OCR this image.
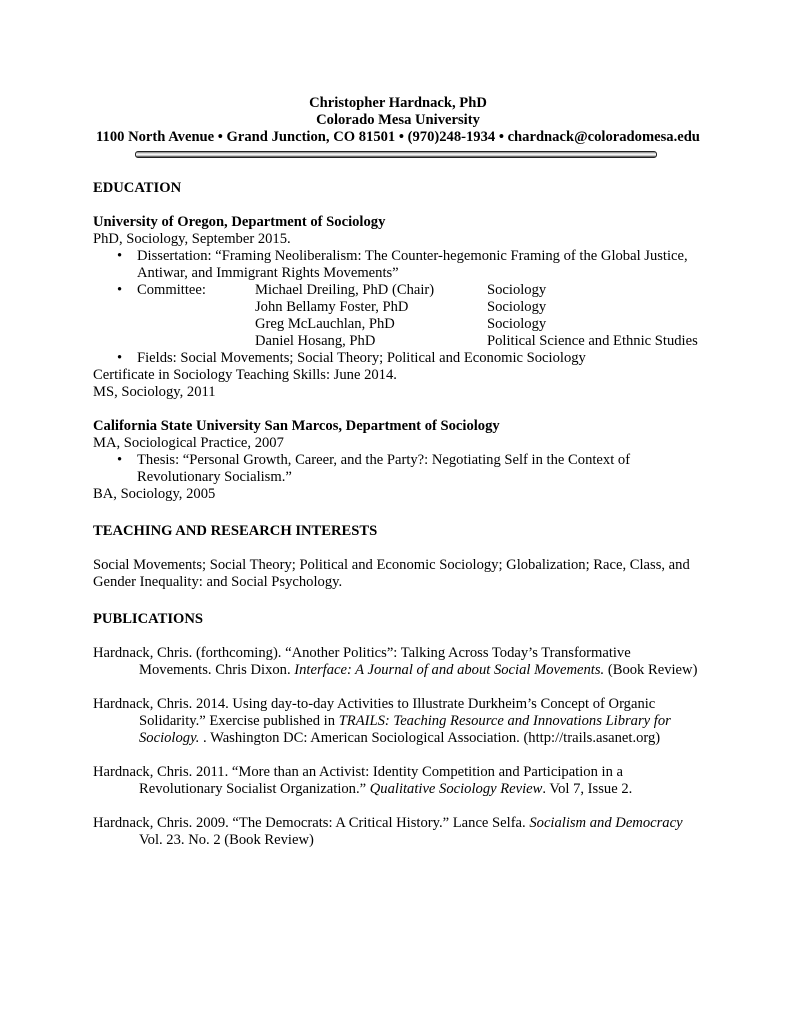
Christopher Hardnack, PhD
Colorado Mesa University
1100 North Avenue • Grand Junction, CO 81501 • (970)248-1934 • chardnack@coloradomesa.edu
EDUCATION

University of Oregon, Department of Sociology

PhD, Sociology, September 2015.

• Dissertation: “Framing Neoliberalism: The Counter-hegemonic Framing of the Global Justice, Antiwar, and Immigrant Rights Movements”
• Committee:	Michael Dreiling, PhD (Chair)	Sociology
John Bellamy Foster, PhD	Sociology
Greg McLauchlan, PhD	Sociology
Daniel Hosang, PhD	Political Science and Ethnic Studies
• Fields: Social Movements; Social Theory; Political and Economic Sociology

Certificate in Sociology Teaching Skills: June 2014.

MS, Sociology, 2011

California State University San Marcos, Department of Sociology

MA, Sociological Practice, 2007

• Thesis: “Personal Growth, Career, and the Party?: Negotiating Self in the Context of Revolutionary Socialism.”

BA, Sociology, 2005

TEACHING AND RESEARCH INTERESTS

Social Movements; Social Theory; Political and Economic Sociology; Globalization; Race, Class, and Gender Inequality: and Social Psychology.

PUBLICATIONS

Hardnack, Chris. (forthcoming). “Another Politics”: Talking Across Today’s Transformative Movements. Chris Dixon. Interface: A Journal of and about Social Movements. (Book Review)

Hardnack, Chris. 2014. Using day-to-day Activities to Illustrate Durkheim’s Concept of Organic Solidarity.” Exercise published in TRAILS: Teaching Resource and Innovations Library for Sociology. . Washington DC: American Sociological Association. (http://trails.asanet.org)

Hardnack, Chris. 2011. “More than an Activist: Identity Competition and Participation in a Revolutionary Socialist Organization.” Qualitative Sociology Review. Vol 7, Issue 2.

Hardnack, Chris. 2009. “The Democrats: A Critical History.” Lance Selfa. Socialism and Democracy Vol. 23. No. 2 (Book Review)
